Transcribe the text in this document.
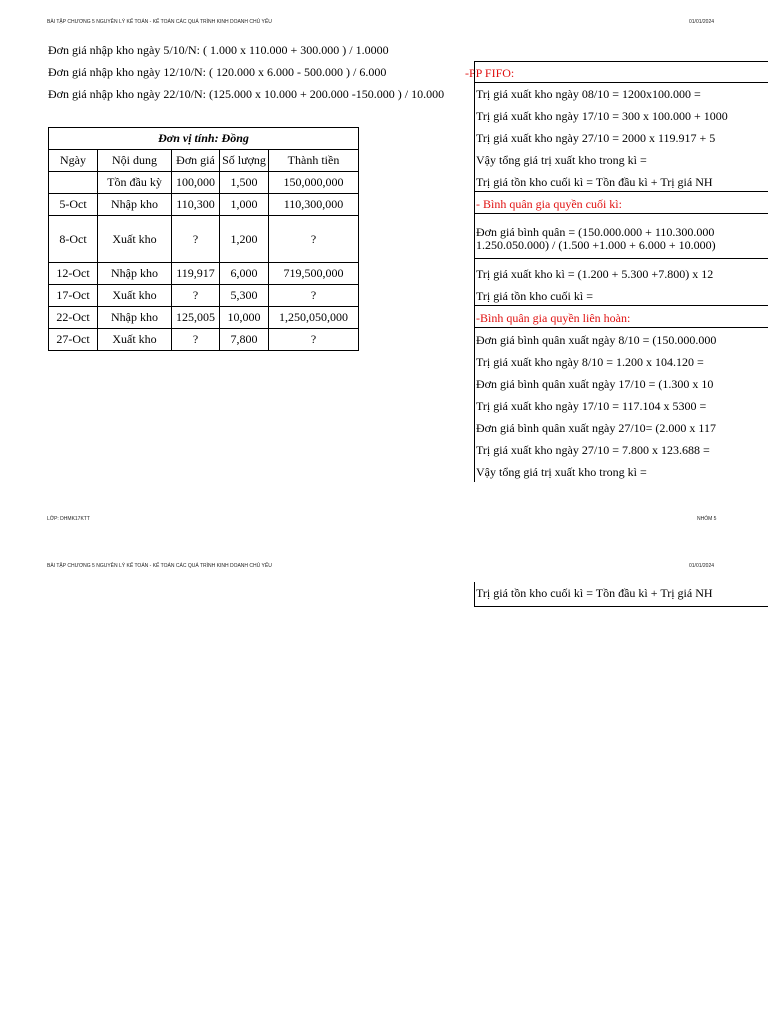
BÀI TẬP CHƯƠNG 5 NGUYÊN LÝ KẾ TOÁN - KẾ TOÁN CÁC QUÁ TRÌNH KINH DOANH CHỦ YẾU	01/01/2024
Đơn giá nhập kho ngày 5/10/N: ( 1.000 x 110.000 + 300.000 ) / 1.0000
Đơn giá nhập kho ngày 12/10/N: ( 120.000 x 6.000 - 500.000 ) / 6.000
Đơn giá nhập kho ngày 22/10/N: (125.000 x 10.000 + 200.000 -150.000 ) / 10.000
Đơn vị tính: Đồng				
Ngày	Nội dung	Đơn giá	Số lượng	Thành tiền
	Tồn đầu kỳ	100,000	1,500	150,000,000
5-Oct	Nhập kho	110,300	1,000	110,300,000
8-Oct	Xuất kho	?	1,200	?
12-Oct	Nhập kho	119,917	6,000	719,500,000
17-Oct	Xuất kho	?	5,300	?
22-Oct	Nhập kho	125,005	10,000	1,250,050,000
27-Oct	Xuất kho	?	7,800	?
-PP FIFO:
Trị giá xuất kho ngày 08/10 = 1200x100.000 =
Trị giá xuất kho ngày 17/10 = 300 x 100.000 + 1000
Trị giá xuất kho ngày 27/10 = 2000 x 119.917 + 5
Vậy tổng giá trị xuất kho trong kì =
Trị giá tồn kho cuối kì = Tồn đầu kì + Trị giá NH
- Bình quân gia quyền cuối kì:
Đơn giá bình quân = (150.000.000 + 110.300.000
1.250.050.000) / (1.500 +1.000 + 6.000 + 10.000)
Trị giá xuất kho kì = (1.200 + 5.300 +7.800) x 12
Trị giá tồn kho cuối kì =
-Bình quân gia quyền liên hoàn:
Đơn giá bình quân xuất ngày 8/10 = (150.000.000
Trị giá xuất kho ngày 8/10 = 1.200 x 104.120 =
Đơn giá bình quân xuất ngày 17/10 = (1.300 x 10
Trị giá xuất kho ngày 17/10 = 117.104 x 5300 =
Đơn giá bình quân xuất ngày 27/10= (2.000 x 117
Trị giá xuất kho ngày 27/10 = 7.800 x 123.688 =
Vậy tổng giá trị xuất kho trong kì =
LỚP: DHMK17KTT	NHÓM 5
BÀI TẬP CHƯƠNG 5 NGUYÊN LÝ KẾ TOÁN - KẾ TOÁN CÁC QUÁ TRÌNH KINH DOANH CHỦ YẾU	01/01/2024
Trị giá tồn kho cuối kì = Tồn đầu kì + Trị giá NH
